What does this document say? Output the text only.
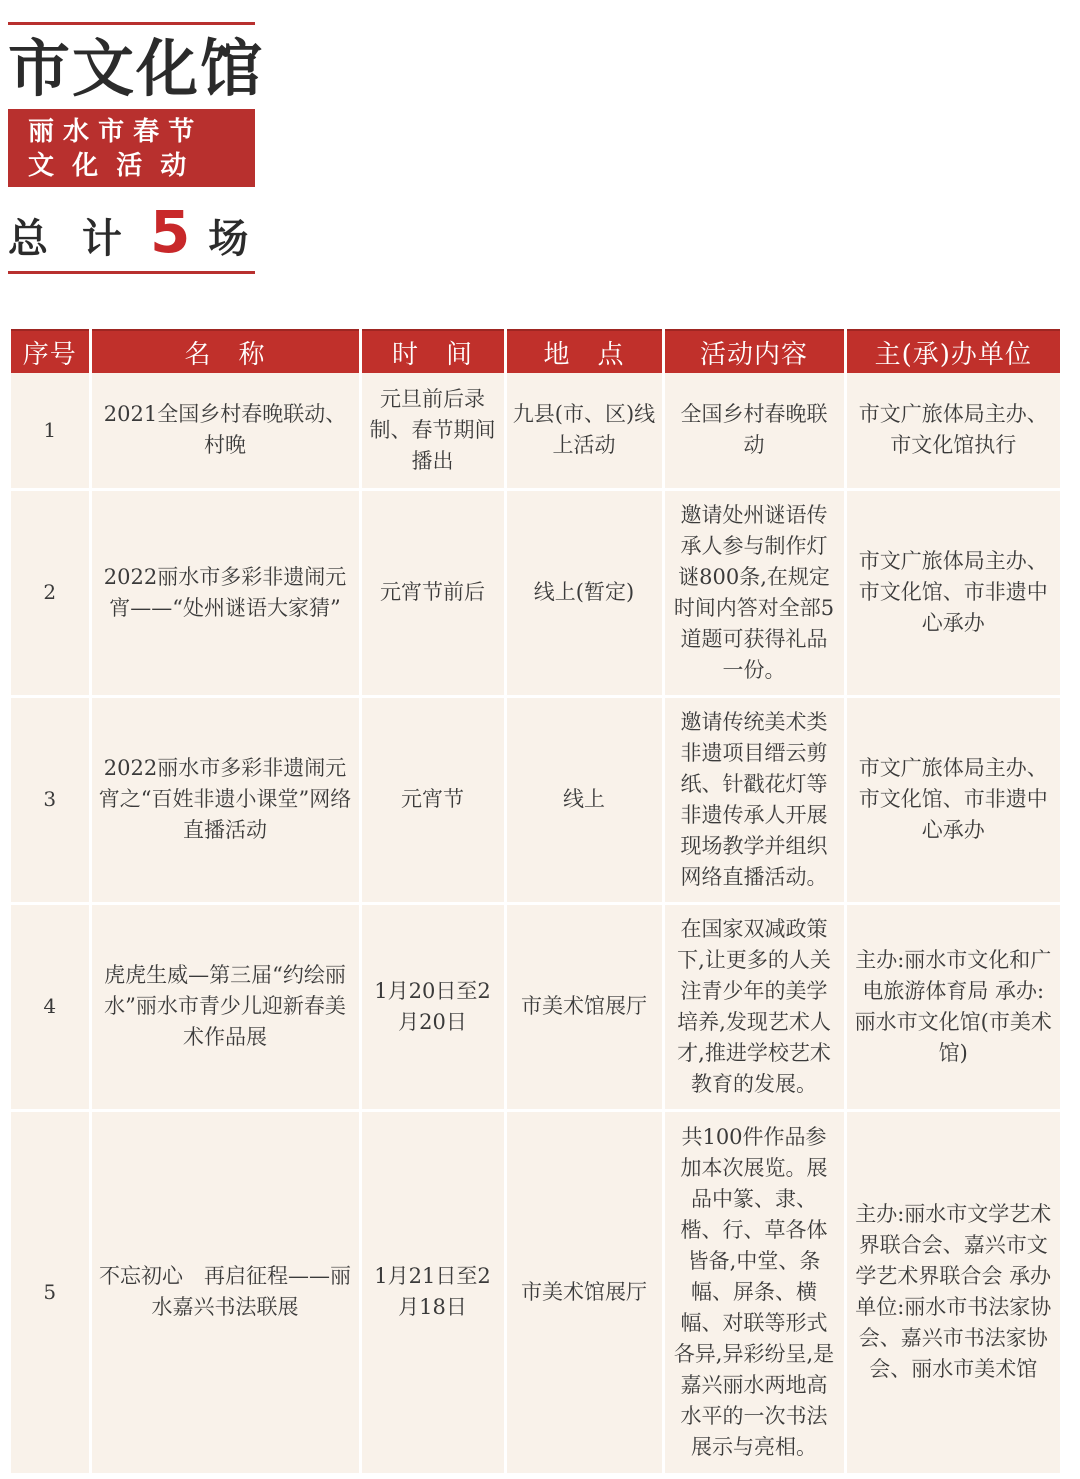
市文化馆
丽 水 市 春 节
文  化  活  动
总 计 5 场
序号	名　称	时　间	地　点	活动内容	主(承)办单位
1	2021全国乡村春晚联动、村晚	元旦前后录制、春节期间播出	九县(市、区)线上活动	全国乡村春晚联动	市文广旅体局主办、市文化馆执行
2	2022丽水市多彩非遗闹元宵——“处州谜语大家猜”	元宵节前后	线上(暂定)	邀请处州谜语传承人参与制作灯谜800条,在规定时间内答对全部5道题可获得礼品一份。	市文广旅体局主办、市文化馆、市非遗中心承办
3	2022丽水市多彩非遗闹元宵之“百姓非遗小课堂”网络直播活动	元宵节	线上	邀请传统美术类非遗项目缙云剪纸、针戳花灯等非遗传承人开展现场教学并组织网络直播活动。	市文广旅体局主办、市文化馆、市非遗中心承办
4	虎虎生威—第三届“约绘丽水”丽水市青少儿迎新春美术作品展	1月20日至2月20日	市美术馆展厅	在国家双减政策下,让更多的人关注青少年的美学培养,发现艺术人才,推进学校艺术教育的发展。	主办:丽水市文化和广电旅游体育局 承办:丽水市文化馆(市美术馆)
5	不忘初心　再启征程——丽水嘉兴书法联展	1月21日至2月18日	市美术馆展厅	共100件作品参加本次展览。展品中篆、隶、楷、行、草各体皆备,中堂、条幅、屏条、横幅、对联等形式各异,异彩纷呈,是嘉兴丽水两地高水平的一次书法展示与亮相。	主办:丽水市文学艺术界联合会、嘉兴市文学艺术界联合会 承办单位:丽水市书法家协会、嘉兴市书法家协会、丽水市美术馆
